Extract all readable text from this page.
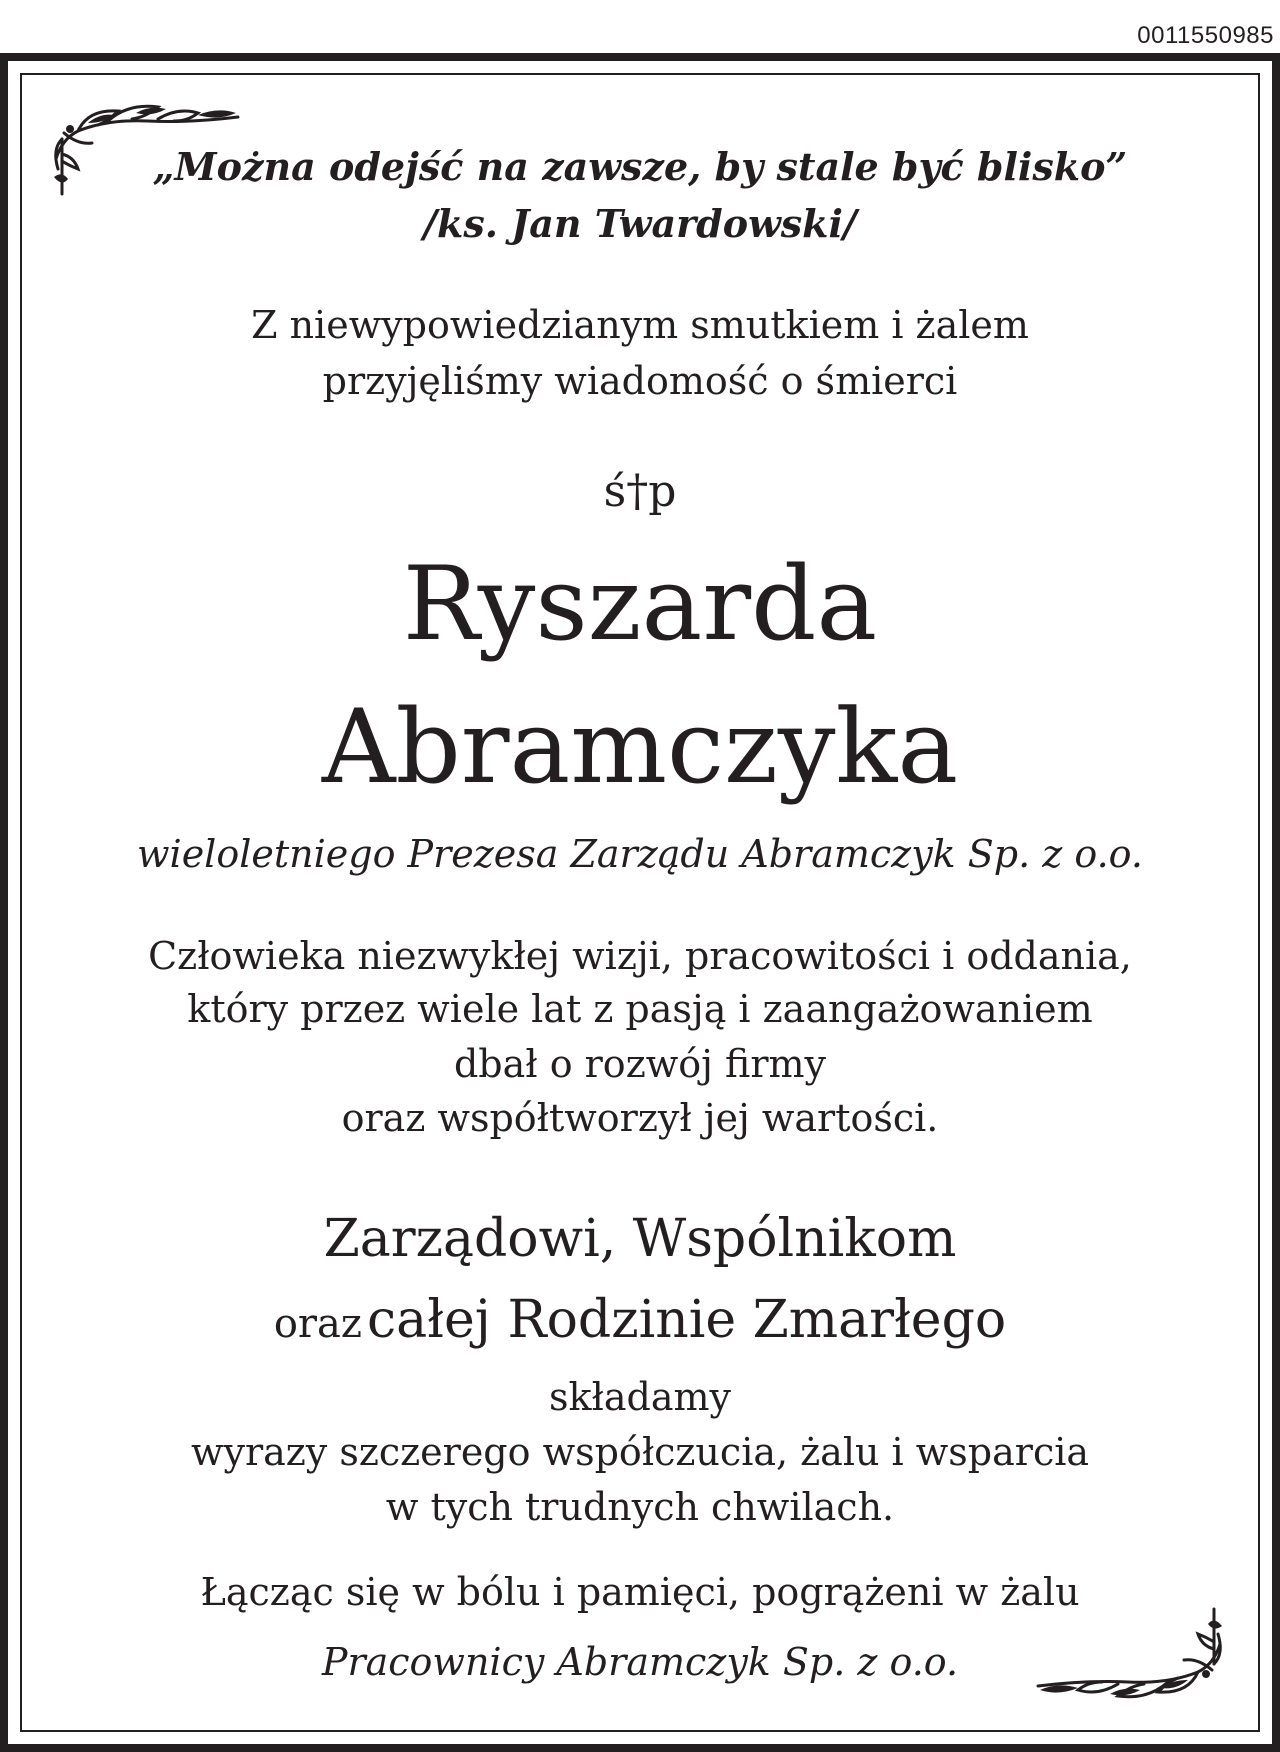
0011550985

„Można odejść na zawsze, by stale być blisko”

/ks. Jan Twardowski/

Z niewypowiedzianym smutkiem i żalem

przyjęliśmy wiadomość o śmierci

ś†p

Ryszarda

Abramczyka

wieloletniego Prezesa Zarządu Abramczyk Sp. z o.o.

Człowieka niezwykłej wizji, pracowitości i oddania,

który przez wiele lat z pasją i zaangażowaniem

dbał o rozwój firmy

oraz współtworzył jej wartości.

Zarządowi, Wspólnikom

oraz całej Rodzinie Zmarłego

składamy

wyrazy szczerego współczucia, żalu i wsparcia

w tych trudnych chwilach.

Łącząc się w bólu i pamięci, pogrążeni w żalu

Pracownicy Abramczyk Sp. z o.o.
